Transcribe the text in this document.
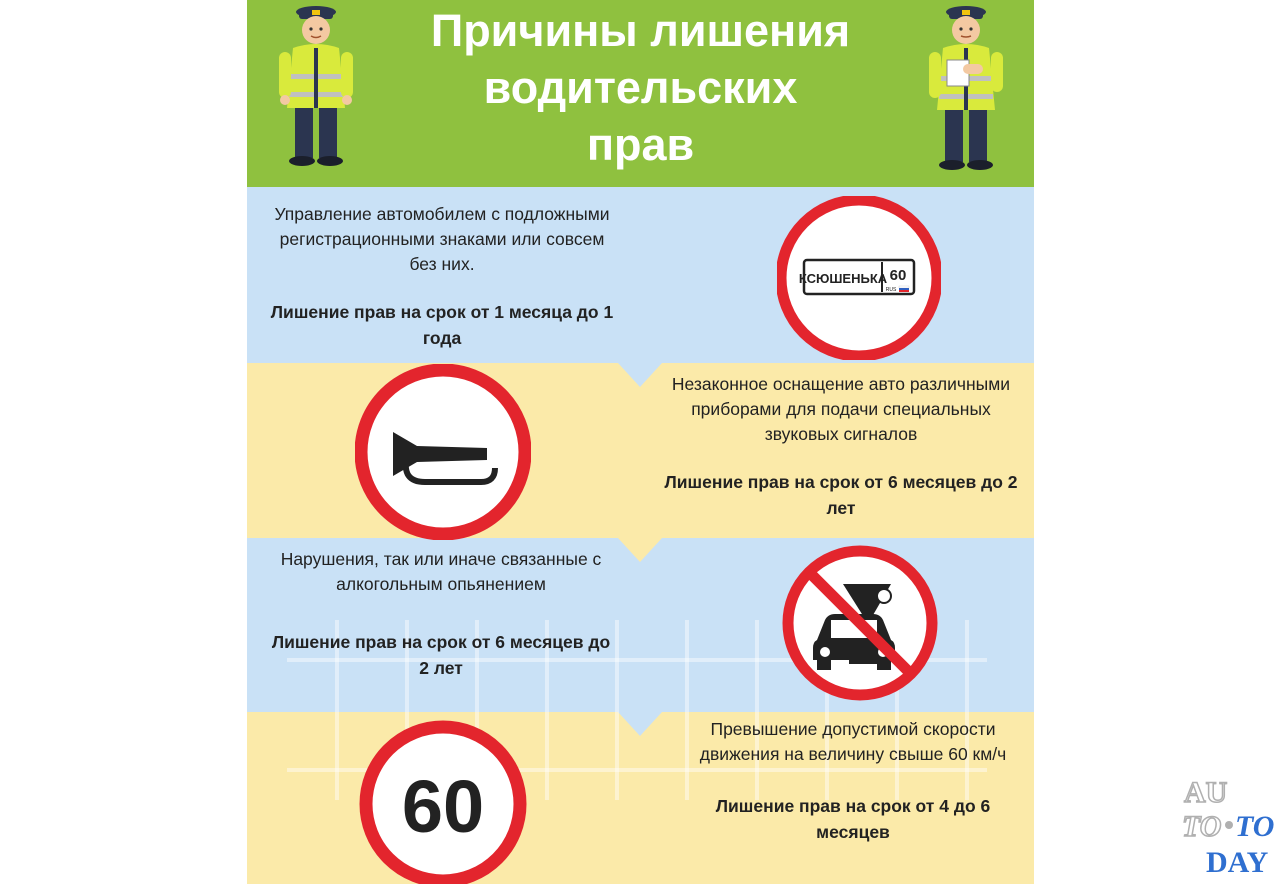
Причины лишения
водительских
прав

Управление автомобилем с подложными регистрационными знаками или совсем без них.

Лишение прав на срок от 1 месяца до 1 года

КСЮШЕНЬКА 60
RUS

Незаконное оснащение авто различными приборами для подачи специальных звуковых сигналов

Лишение прав на срок от 6 месяцев до 2 лет

Нарушения, так или иначе связанные с алкогольным опьянением

Лишение прав на срок от 6 месяцев до 2 лет

60

Превышение допустимой скорости движения на величину свыше 60 км/ч

Лишение прав на срок от 4 до 6 месяцев

AU
TO TO
DAY
